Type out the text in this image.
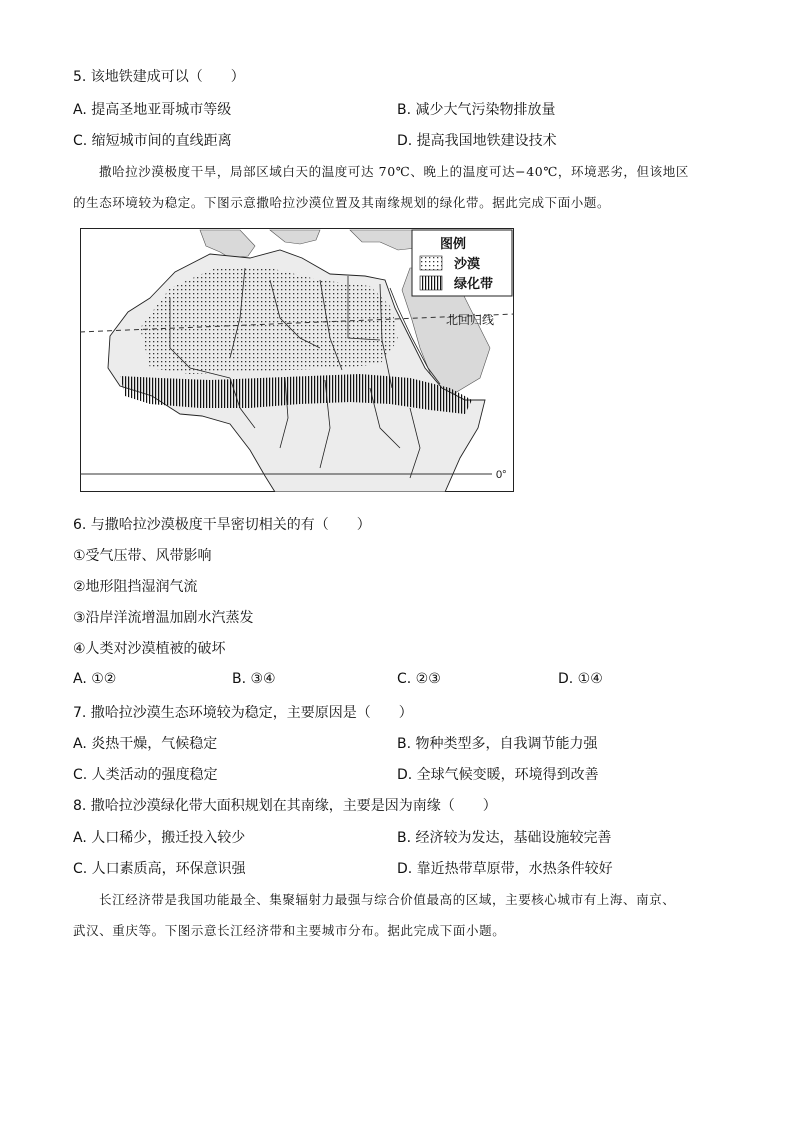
5. 该地铁建成可以（　　）
A. 提高圣地亚哥城市等级	B. 减少大气污染物排放量
C. 缩短城市间的直线距离	D. 提高我国地铁建设技术
撒哈拉沙漠极度干旱，局部区域白天的温度可达 70℃、晚上的温度可达−40℃，环境恶劣，但该地区
的生态环境较为稳定。下图示意撒哈拉沙漠位置及其南缘规划的绿化带。据此完成下面小题。
北回归线
0°
图例
沙漠
绿化带
6. 与撒哈拉沙漠极度干旱密切相关的有（　　）
①受气压带、风带影响
②地形阻挡湿润气流
③沿岸洋流增温加剧水汽蒸发
④人类对沙漠植被的破坏
A. ①②	B. ③④	C. ②③	D. ①④
7. 撒哈拉沙漠生态环境较为稳定，主要原因是（　　）
A. 炎热干燥，气候稳定	B. 物种类型多，自我调节能力强
C. 人类活动的强度稳定	D. 全球气候变暖，环境得到改善
8. 撒哈拉沙漠绿化带大面积规划在其南缘，主要是因为南缘（　　）
A. 人口稀少，搬迁投入较少	B. 经济较为发达，基础设施较完善
C. 人口素质高，环保意识强	D. 靠近热带草原带，水热条件较好
长江经济带是我国功能最全、集聚辐射力最强与综合价值最高的区域，主要核心城市有上海、南京、
武汉、重庆等。下图示意长江经济带和主要城市分布。据此完成下面小题。
